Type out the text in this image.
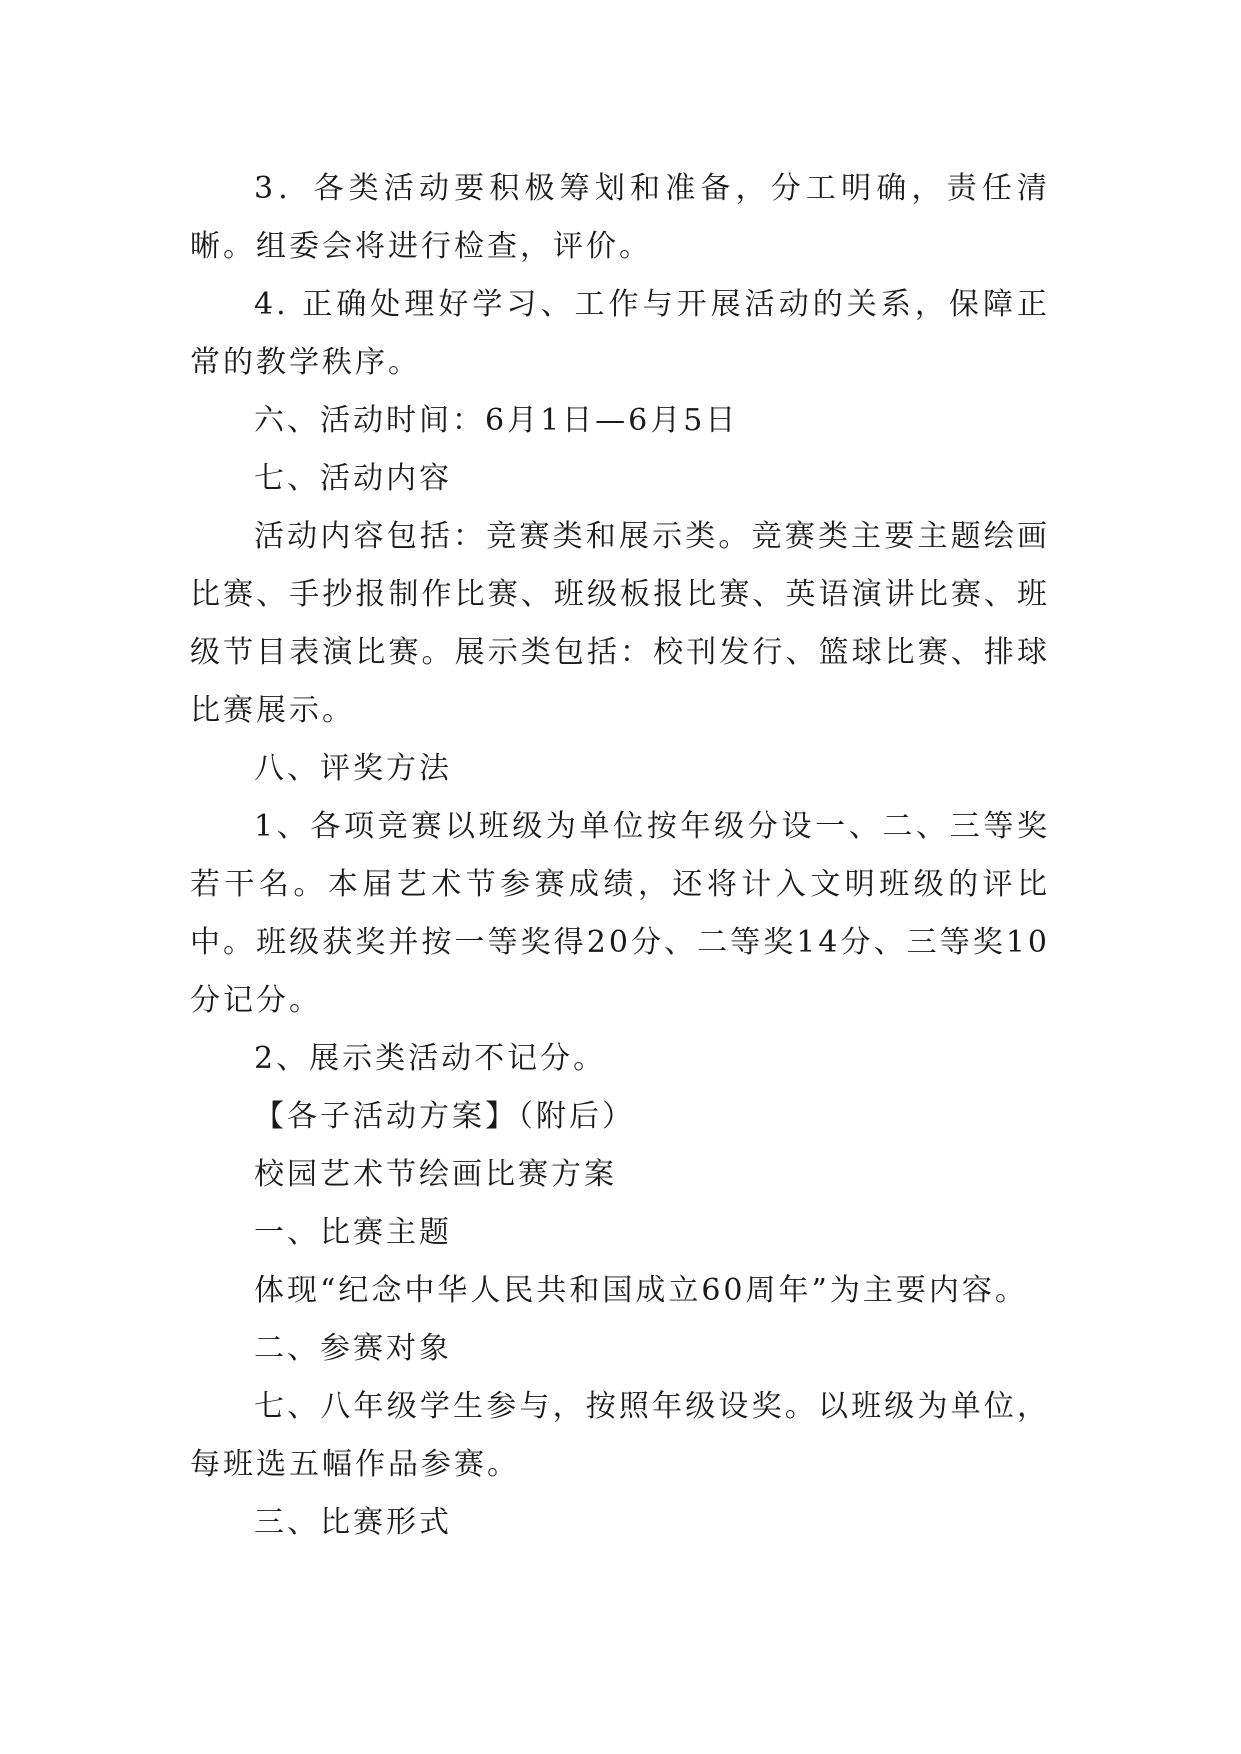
3．各类活动要积极筹划和准备，分工明确，责任清晰。组委会将进行检查，评价。

4. 正确处理好学习、工作与开展活动的关系，保障正常的教学秩序。

六、活动时间：6月1日—6月5日

七、活动内容

活动内容包括：竞赛类和展示类。竞赛类主要主题绘画比赛、手抄报制作比赛、班级板报比赛、英语演讲比赛、班级节目表演比赛。展示类包括：校刊发行、篮球比赛、排球比赛展示。

八、评奖方法

1、各项竞赛以班级为单位按年级分设一、二、三等奖若干名。本届艺术节参赛成绩，还将计入文明班级的评比中。班级获奖并按一等奖得20分、二等奖14分、三等奖10分记分。

2、展示类活动不记分。

【各子活动方案】（附后）

校园艺术节绘画比赛方案

一、比赛主题

体现“纪念中华人民共和国成立60周年”为主要内容。

二、参赛对象

七、八年级学生参与，按照年级设奖。以班级为单位，每班选五幅作品参赛。

三、比赛形式
